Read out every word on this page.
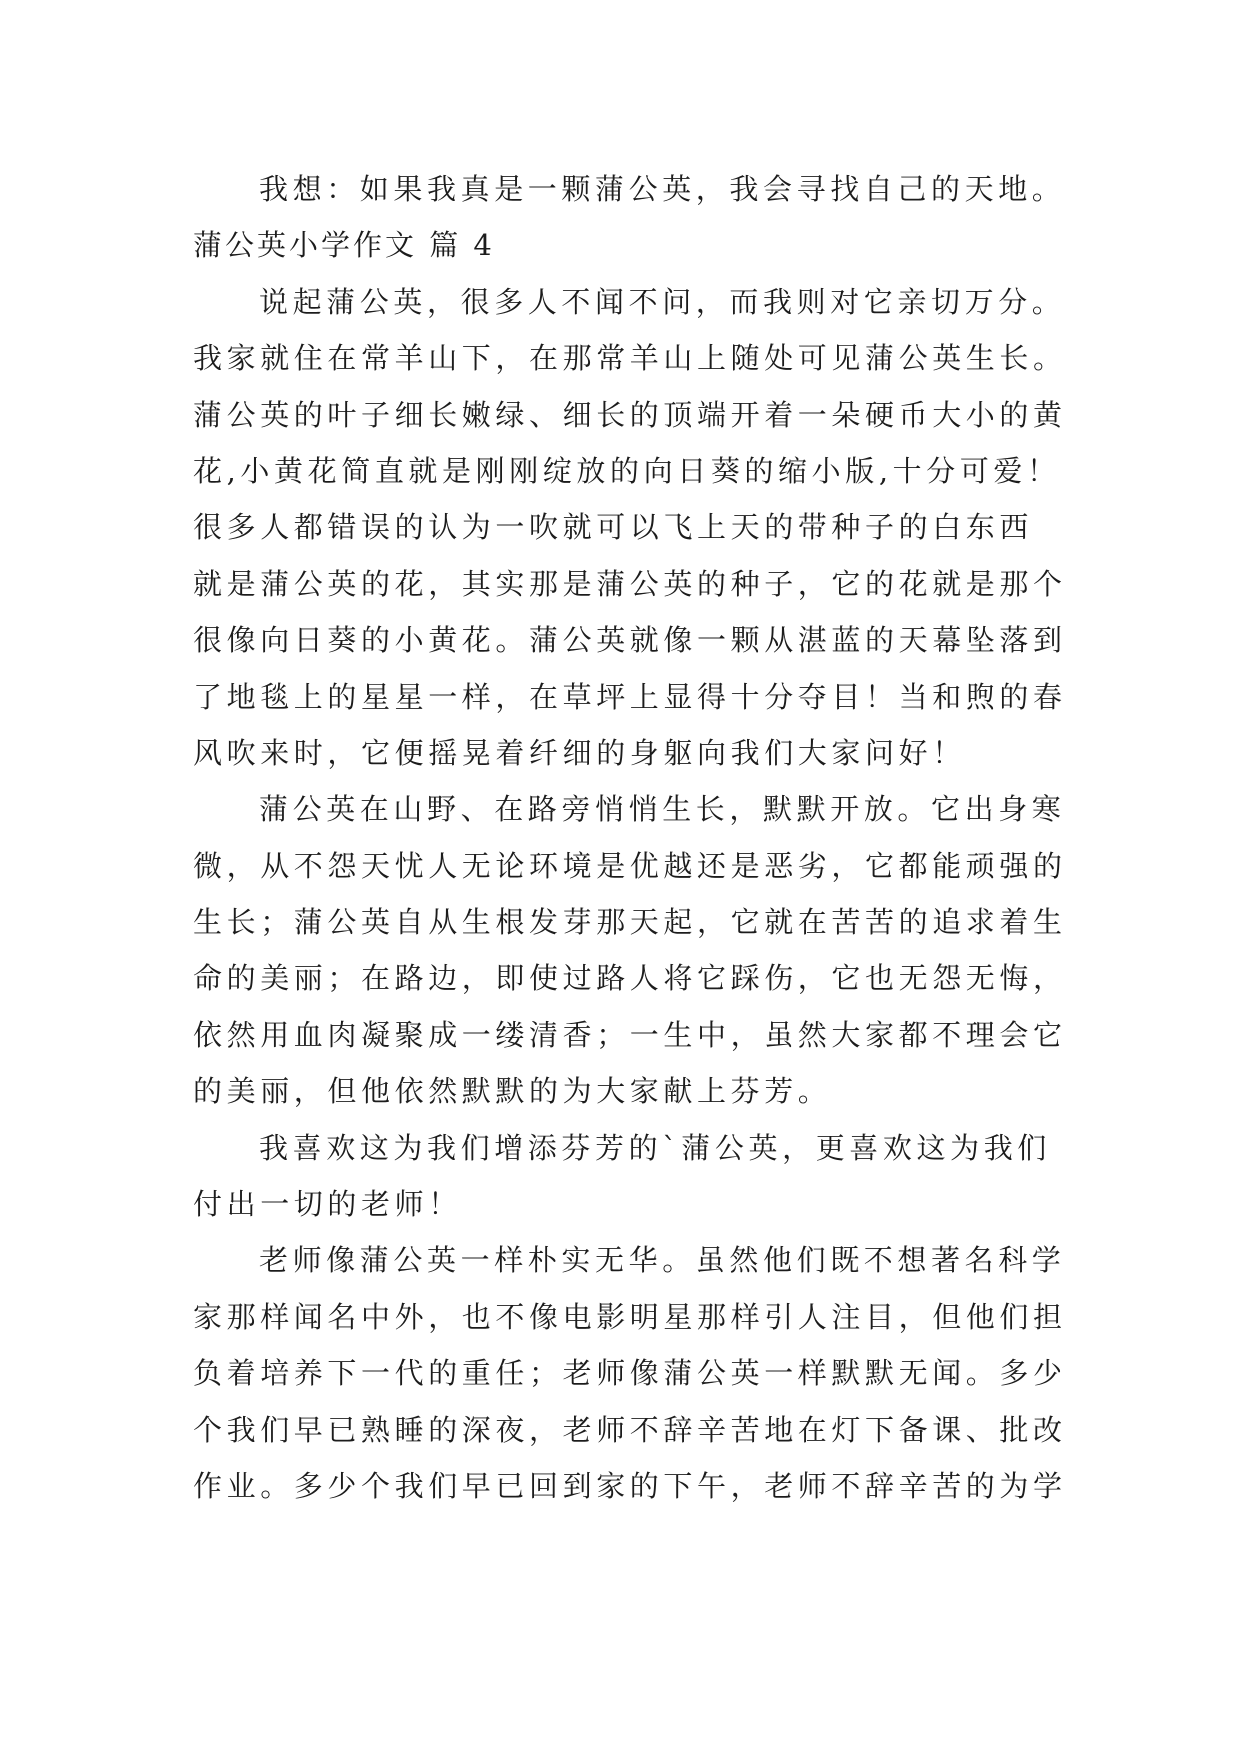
我想：如果我真是一颗蒲公英，我会寻找自己的天地。
蒲公英小学作文 篇 4
说起蒲公英，很多人不闻不问，而我则对它亲切万分。
我家就住在常羊山下，在那常羊山上随处可见蒲公英生长。
蒲公英的叶子细长嫩绿、细长的顶端开着一朵硬币大小的黄
花,小黄花简直就是刚刚绽放的向日葵的缩小版,十分可爱！
很多人都错误的认为一吹就可以飞上天的带种子的白东西
就是蒲公英的花，其实那是蒲公英的种子，它的花就是那个
很像向日葵的小黄花。蒲公英就像一颗从湛蓝的天幕坠落到
了地毯上的星星一样，在草坪上显得十分夺目！当和煦的春
风吹来时，它便摇晃着纤细的身躯向我们大家问好！
蒲公英在山野、在路旁悄悄生长，默默开放。它出身寒
微，从不怨天忧人无论环境是优越还是恶劣，它都能顽强的
生长；蒲公英自从生根发芽那天起，它就在苦苦的追求着生
命的美丽；在路边，即使过路人将它踩伤，它也无怨无悔，
依然用血肉凝聚成一缕清香；一生中，虽然大家都不理会它
的美丽，但他依然默默的为大家献上芬芳。
我喜欢这为我们增添芬芳的`蒲公英，更喜欢这为我们
付出一切的老师！
老师像蒲公英一样朴实无华。虽然他们既不想著名科学
家那样闻名中外，也不像电影明星那样引人注目，但他们担
负着培养下一代的重任；老师像蒲公英一样默默无闻。多少
个我们早已熟睡的深夜，老师不辞辛苦地在灯下备课、批改
作业。多少个我们早已回到家的下午，老师不辞辛苦的为学
